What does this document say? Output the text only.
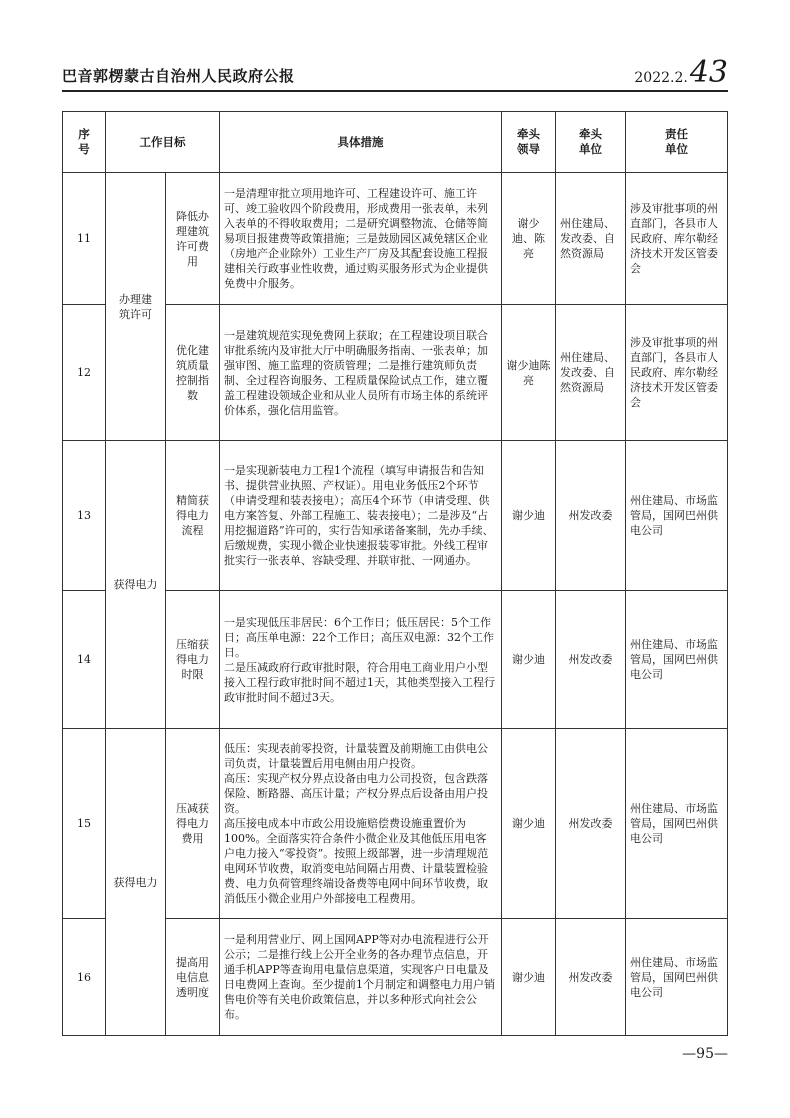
巴音郭楞蒙古自治州人民政府公报	2022.2.43
序号	工作目标		具体措施	牵头领导	牵头单位	责任单位
11	办理建筑许可	降低办理建筑许可费用	一是清理审批立项用地许可、工程建设许可、施工许可、竣工验收四个阶段费用，形成费用一张表单，未列入表单的不得收取费用；二是研究调整物流、仓储等简易项目报建费等政策措施；三是鼓励园区减免辖区企业（房地产企业除外）工业生产厂房及其配套设施工程报建相关行政事业性收费，通过购买服务形式为企业提供免费中介服务。	谢少迪、陈亮	州住建局、发改委、自然资源局	涉及审批事项的州直部门，各县市人民政府、库尔勒经济技术开发区管委会
12		优化建筑质量控制指数	一是建筑规范实现免费网上获取；在工程建设项目联合审批系统内及审批大厅中明确服务指南、一张表单；加强审图、施工监理的资质管理；二是推行建筑师负责制、全过程咨询服务、工程质量保险试点工作，建立覆盖工程建设领域企业和从业人员所有市场主体的系统评价体系，强化信用监管。	谢少迪陈亮	州住建局、发改委、自然资源局	涉及审批事项的州直部门，各县市人民政府、库尔勒经济技术开发区管委会
13	获得电力	精简获得电力流程	一是实现新装电力工程1个流程（填写申请报告和告知书、提供营业执照、产权证）。用电业务低压2个环节（申请受理和装表接电）；高压4个环节（申请受理、供电方案答复、外部工程施工、装表接电）；二是涉及“占用挖掘道路”许可的，实行告知承诺备案制，先办手续、后缴规费，实现小微企业快速报装零审批。外线工程审批实行一张表单、容缺受理、并联审批、一网通办。	谢少迪	州发改委	州住建局、市场监管局，国网巴州供电公司
14		压缩获得电力时限	一是实现低压非居民：6个工作日；低压居民：5个工作日；高压单电源：22个工作日；高压双电源：32个工作日。
二是压减政府行政审批时限，符合用电工商业用户小型接入工程行政审批时间不超过1天，其他类型接入工程行政审批时间不超过3天。	谢少迪	州发改委	州住建局、市场监管局，国网巴州供电公司
15	获得电力	压减获得电力费用	低压：实现表前零投资，计量装置及前期施工由供电公司负责，计量装置后用电侧由用户投资。
高压：实现产权分界点设备由电力公司投资，包含跌落保险、断路器、高压计量；产权分界点后设备由用户投资。
高压接电成本中市政公用设施赔偿费设施重置价为100%。全面落实符合条件小微企业及其他低压用电客户电力接入“零投资”。按照上级部署，进一步清理规范电网环节收费，取消变电站间隔占用费、计量装置检验费、电力负荷管理终端设备费等电网中间环节收费，取消低压小微企业用户外部接电工程费用。	谢少迪	州发改委	州住建局、市场监管局，国网巴州供电公司
16		提高用电信息透明度	一是利用营业厅、网上国网APP等对办电流程进行公开公示；二是推行线上公开全业务的各办理节点信息，开通手机APP等查询用电量信息渠道，实现客户日电量及日电费网上查询。至少提前1个月制定和调整电力用户销售电价等有关电价政策信息，并以多种形式向社会公布。	谢少迪	州发改委	州住建局、市场监管局，国网巴州供电公司
—95—
